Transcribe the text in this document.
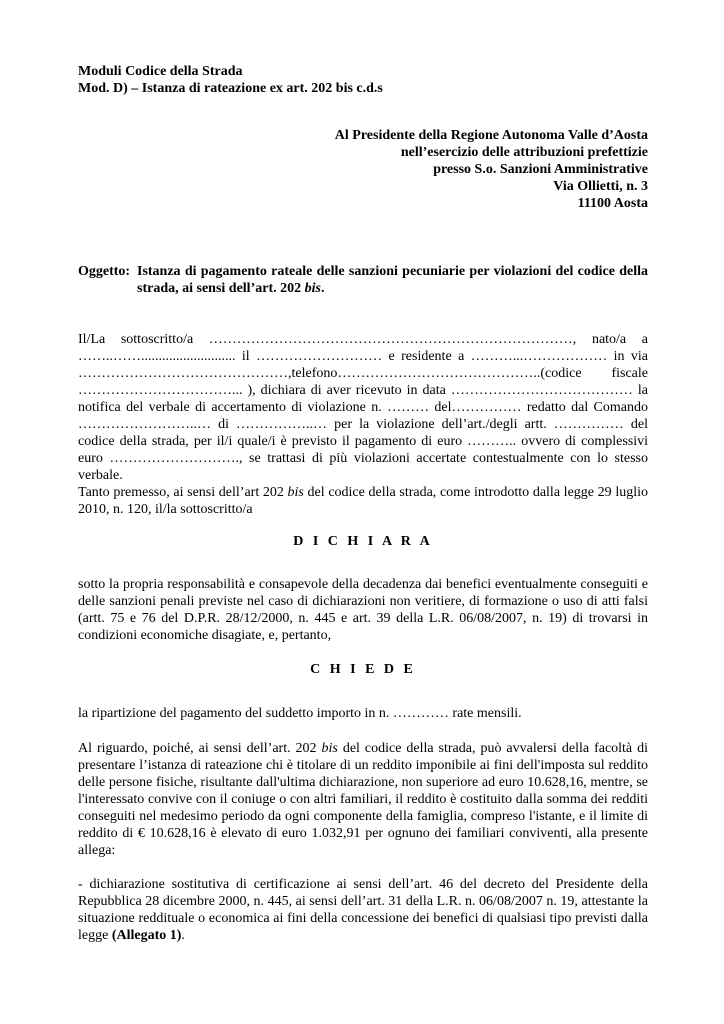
Moduli Codice della Strada
Mod. D) – Istanza di rateazione ex art. 202 bis c.d.s
Al Presidente della Regione Autonoma Valle d’Aosta
nell’esercizio delle attribuzioni prefettizie
presso S.o. Sanzioni Amministrative
Via Ollietti, n. 3
11100 Aosta
Oggetto: Istanza di pagamento rateale delle sanzioni pecuniarie per violazioni del codice della strada, ai sensi dell’art. 202 bis.

Il/La sottoscritto/a ……………………………………………………………………, nato/a a ……..……........................... il ……………………… e residente a ………...……………… in via ………………………………………,telefono……………………………………..(codice fiscale ……………………………... ), dichiara di aver ricevuto in data ………………………………… la notifica del verbale di accertamento di violazione n. ……… del…………… redatto dal Comando ……………………..… di ……………..… per la violazione dell’art./degli artt. …………… del codice della strada, per il/i quale/i è previsto il pagamento di euro ……….. ovvero di complessivi euro ………………………., se trattasi di più violazioni accertate contestualmente con lo stesso verbale.

Tanto premesso, ai sensi dell’art 202 bis del codice della strada, come introdotto dalla legge 29 luglio 2010, n. 120, il/la sottoscritto/a

D I C H I A R A

sotto la propria responsabilità e consapevole della decadenza dai benefici eventualmente conseguiti e delle sanzioni penali previste nel caso di dichiarazioni non veritiere, di formazione o uso di atti falsi (artt. 75 e 76 del D.P.R. 28/12/2000, n. 445 e art. 39 della L.R. 06/08/2007, n. 19) di trovarsi in condizioni economiche disagiate, e, pertanto,

C H I E D E

la ripartizione del pagamento del suddetto importo in n. ………… rate mensili.

Al riguardo, poiché, ai sensi dell’art. 202 bis del codice della strada, può avvalersi della facoltà di presentare l’istanza di rateazione chi è titolare di un reddito imponibile ai fini dell'imposta sul reddito delle persone fisiche, risultante dall'ultima dichiarazione, non superiore ad euro 10.628,16, mentre, se l'interessato convive con il coniuge o con altri familiari, il reddito è costituito dalla somma dei redditi conseguiti nel medesimo periodo da ogni componente della famiglia, compreso l'istante, e il limite di reddito di € 10.628,16 è elevato di euro 1.032,91 per ognuno dei familiari conviventi, alla presente allega:

- dichiarazione sostitutiva di certificazione ai sensi dell’art. 46 del decreto del Presidente della Repubblica 28 dicembre 2000, n. 445, ai sensi dell’art. 31 della L.R. n. 06/08/2007 n. 19, attestante la situazione reddituale o economica ai fini della concessione dei benefici di qualsiasi tipo previsti dalla legge (Allegato 1).
